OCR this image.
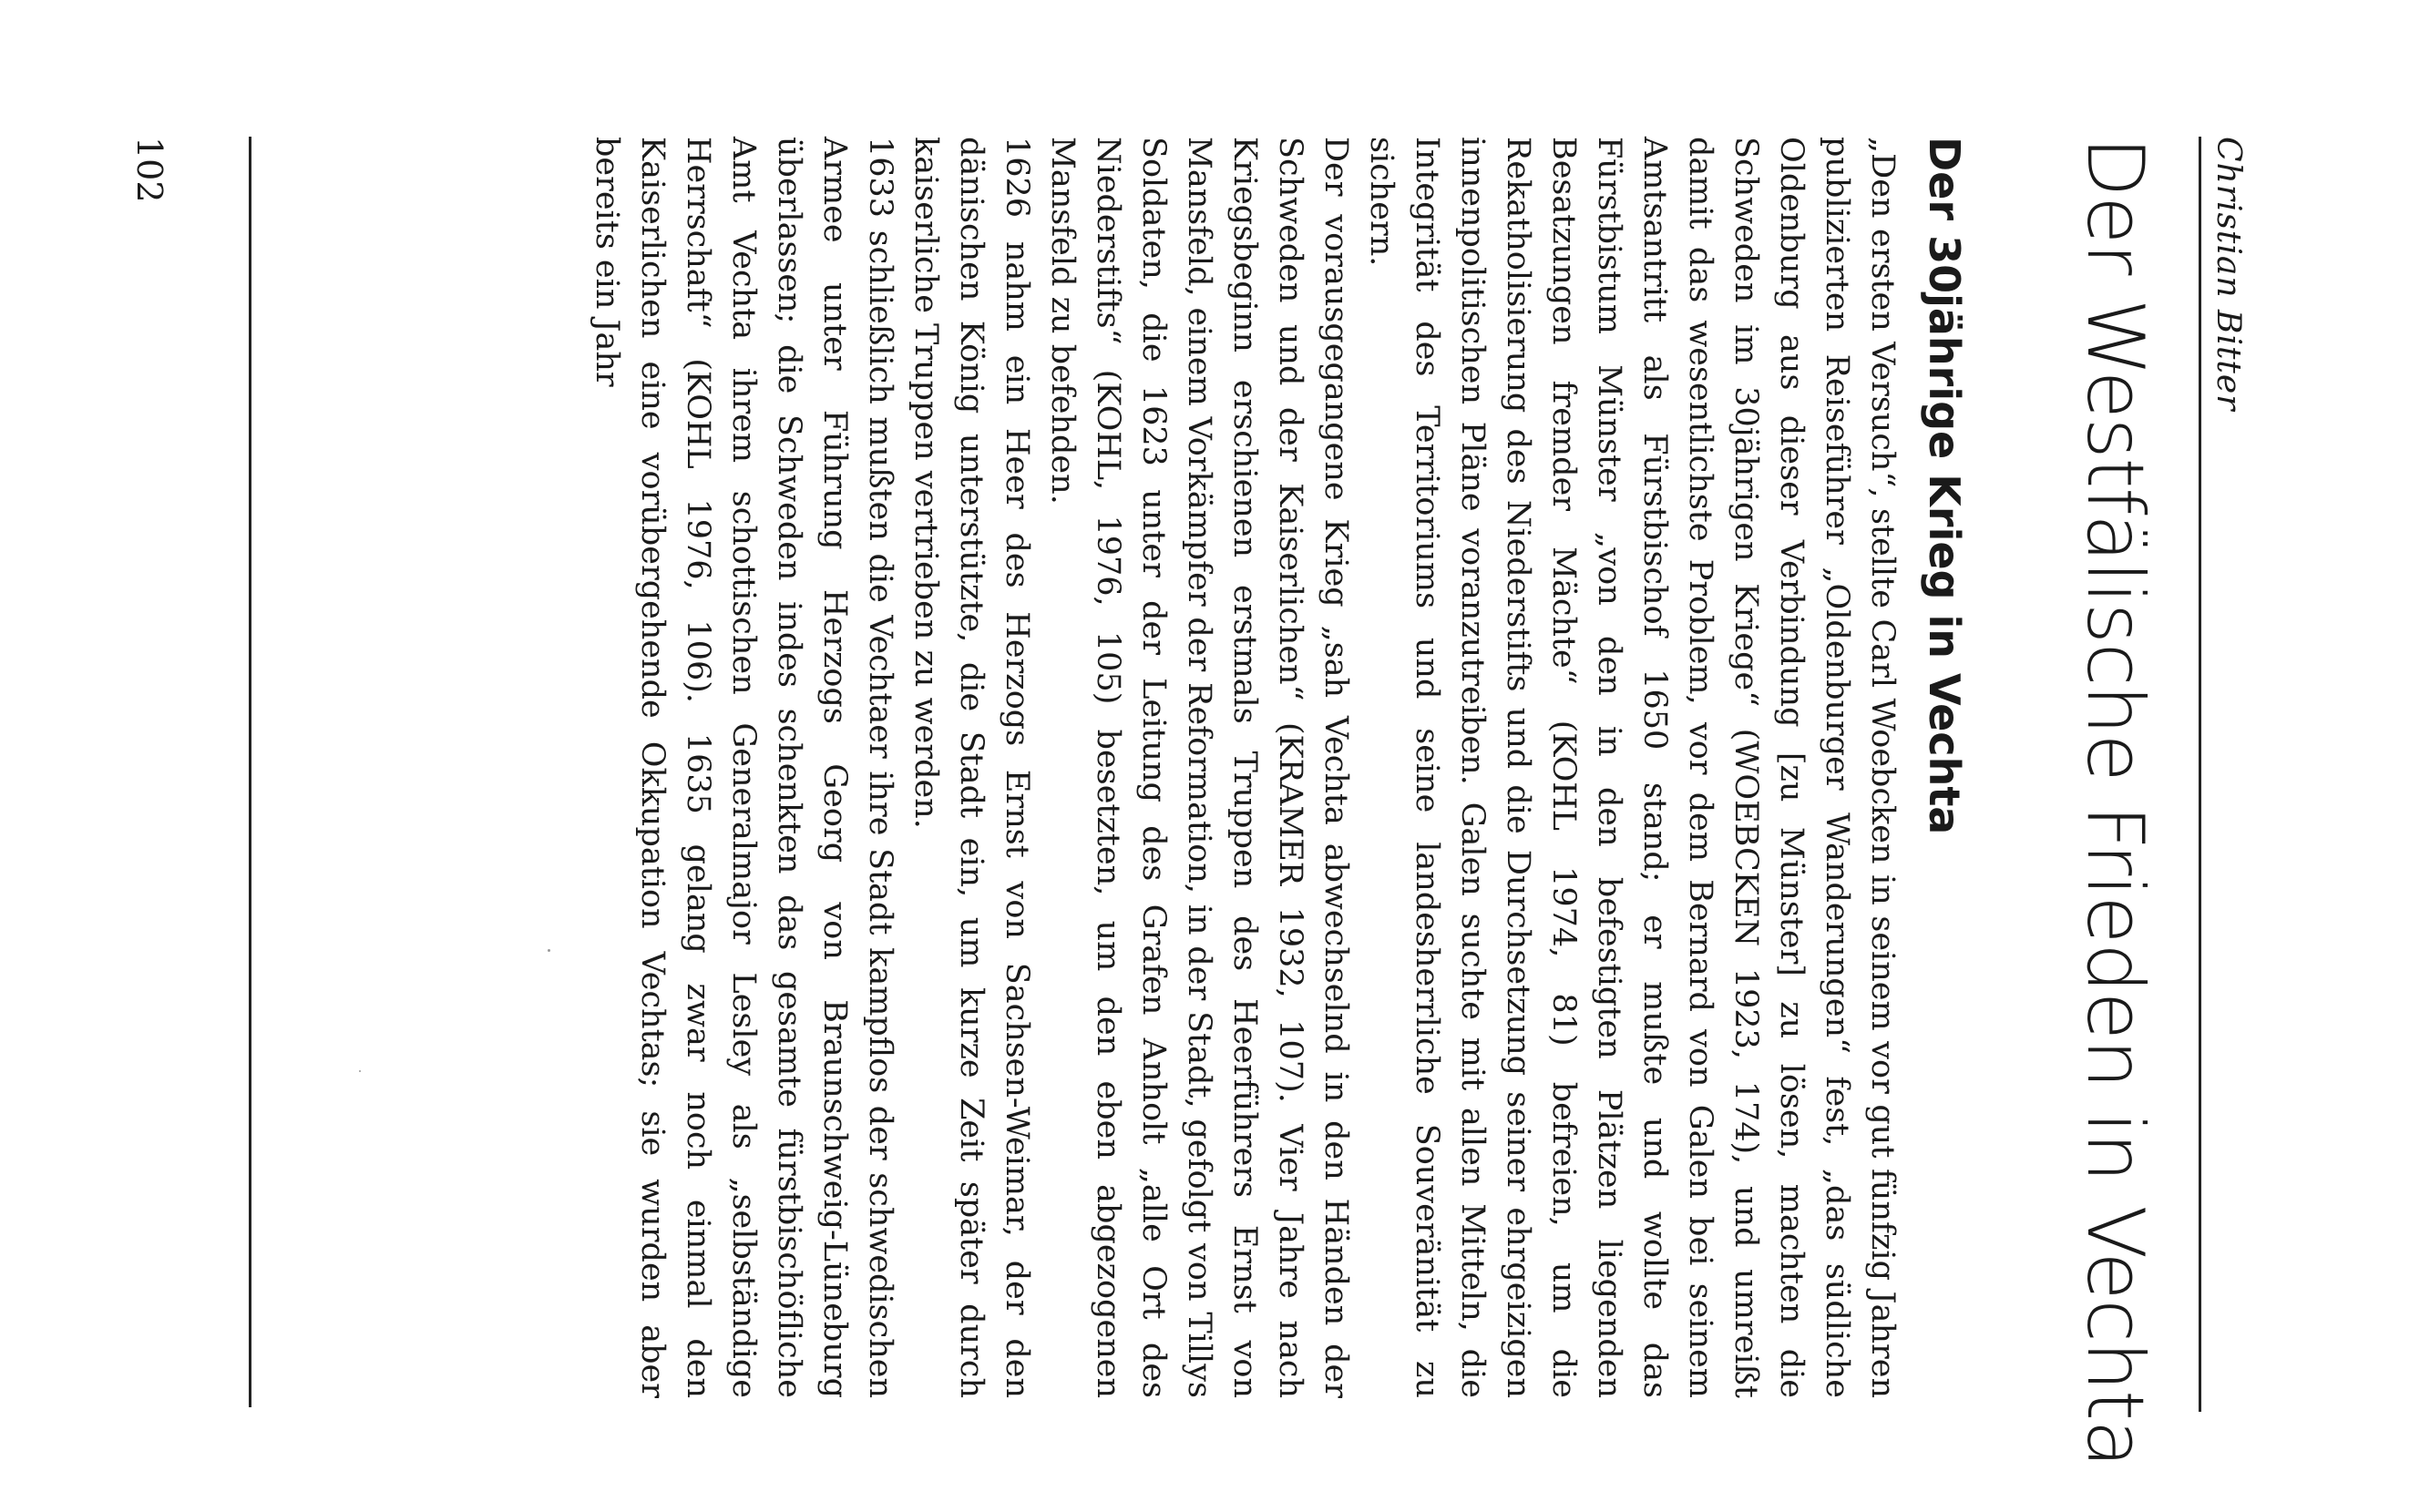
Christian Bitter

Der Westfälische Frieden in Vechta
Der 30jährige Krieg in Vechta

„Den ersten Versuch“, stellte Carl Woebcken in seinem vor gut fünfzig Jahren publizierten Reiseführer „Oldenburger Wanderungen“ fest, „das südliche Oldenburg aus dieser Verbindung [zu Münster] zu lösen, machten die Schweden im 30jährigen Kriege“ (WOEBCKEN 1923, 174), und umreißt damit das wesentlichste Problem, vor dem Bernard von Galen bei seinem Amtsantritt als Fürstbischof 1650 stand; er mußte und wollte das Fürstbistum Münster „von den in den befestigten Plätzen liegenden Besatzungen fremder Mächte“ (KOHL 1974, 81) befreien, um die Rekatholisierung des Niederstifts und die Durchsetzung seiner ehrgeizigen innenpolitischen Pläne voranzutreiben. Galen suchte mit allen Mitteln, die Integrität des Territoriums und seine landesherrliche Souveränität zu sichern.

Der vorausgegangene Krieg „sah Vechta abwechselnd in den Händen der Schweden und der Kaiserlichen“ (KRAMER 1932, 107). Vier Jahre nach Kriegsbeginn erschienen erstmals Truppen des Heerführers Ernst von Mansfeld, einem Vorkämpfer der Reformation, in der Stadt, gefolgt von Tillys Soldaten, die 1623 unter der Leitung des Grafen Anholt „alle Ort des Niederstifts“ (KOHL, 1976, 105) besetzten, um den eben abgezogenen Mansfeld zu befehden.

1626 nahm ein Heer des Herzogs Ernst von Sachsen-Weimar, der den dänischen König unterstützte, die Stadt ein, um kurze Zeit später durch kaiserliche Truppen vertrieben zu werden.

1633 schließlich mußten die Vechtaer ihre Stadt kampflos der schwedischen Armee unter Führung Herzogs Georg von Braunschweig-Lüneburg überlassen; die Schweden indes schenkten das gesamte fürstbischöfliche Amt Vechta ihrem schottischen Generalmajor Lesley als „selbständige Herrschaft“ (KOHL 1976, 106). 1635 gelang zwar noch einmal den Kaiserlichen eine vorübergehende Okkupation Vechtas; sie wurden aber bereits ein Jahr

102
